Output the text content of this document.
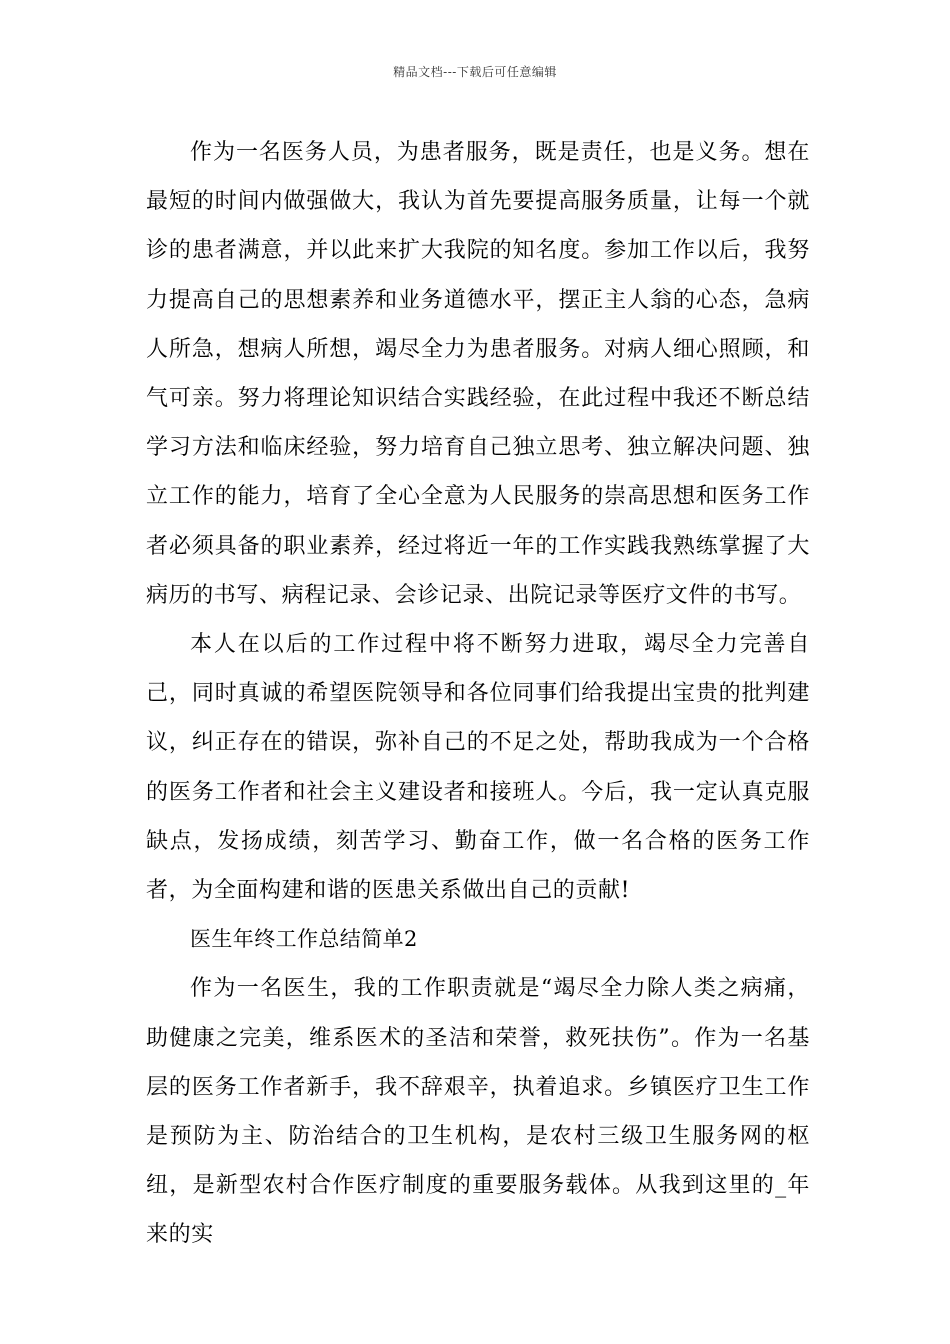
精品文档---下载后可任意编辑

作为一名医务人员，为患者服务，既是责任，也是义务。想在最短的时间内做强做大，我认为首先要提高服务质量，让每一个就诊的患者满意，并以此来扩大我院的知名度。参加工作以后，我努力提高自己的思想素养和业务道德水平，摆正主人翁的心态，急病人所急，想病人所想，竭尽全力为患者服务。对病人细心照顾，和气可亲。努力将理论知识结合实践经验，在此过程中我还不断总结学习方法和临床经验，努力培育自己独立思考、独立解决问题、独立工作的能力，培育了全心全意为人民服务的崇高思想和医务工作者必须具备的职业素养，经过将近一年的工作实践我熟练掌握了大病历的书写、病程记录、会诊记录、出院记录等医疗文件的书写。

本人在以后的工作过程中将不断努力进取，竭尽全力完善自己，同时真诚的希望医院领导和各位同事们给我提出宝贵的批判建议，纠正存在的错误，弥补自己的不足之处，帮助我成为一个合格的医务工作者和社会主义建设者和接班人。今后，我一定认真克服缺点，发扬成绩，刻苦学习、勤奋工作，做一名合格的医务工作者，为全面构建和谐的医患关系做出自己的贡献!

医生年终工作总结简单2

作为一名医生，我的工作职责就是“竭尽全力除人类之病痛，助健康之完美，维系医术的圣洁和荣誉，救死扶伤”。作为一名基层的医务工作者新手，我不辞艰辛，执着追求。乡镇医疗卫生工作是预防为主、防治结合的卫生机构，是农村三级卫生服务网的枢纽，是新型农村合作医疗制度的重要服务载体。从我到这里的_年来的实
